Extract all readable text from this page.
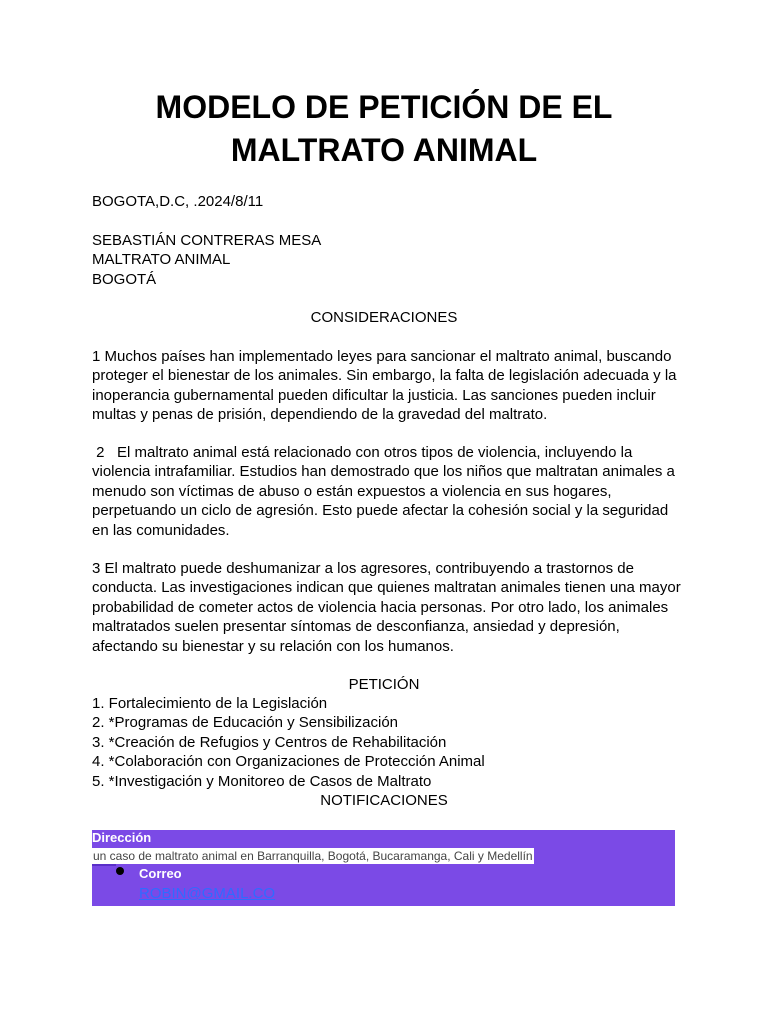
MODELO DE PETICIÓN DE EL MALTRATO ANIMAL
BOGOTA,D.C, .2024/8/11
SEBASTIÁN CONTRERAS MESA
MALTRATO ANIMAL
BOGOTÁ
CONSIDERACIONES

1 Muchos países han implementado leyes para sancionar el maltrato animal, buscando proteger el bienestar de los animales. Sin embargo, la falta de legislación adecuada y la inoperancia gubernamental pueden dificultar la justicia. Las sanciones pueden incluir multas y penas de prisión, dependiendo de la gravedad del maltrato.

2   El maltrato animal está relacionado con otros tipos de violencia, incluyendo la violencia intrafamiliar. Estudios han demostrado que los niños que maltratan animales a menudo son víctimas de abuso o están expuestos a violencia en sus hogares, perpetuando un ciclo de agresión. Esto puede afectar la cohesión social y la seguridad en las comunidades.

3 El maltrato puede deshumanizar a los agresores, contribuyendo a trastornos de conducta. Las investigaciones indican que quienes maltratan animales tienen una mayor probabilidad de cometer actos de violencia hacia personas. Por otro lado, los animales maltratados suelen presentar síntomas de desconfianza, ansiedad y depresión, afectando su bienestar y su relación con los humanos.

PETICIÓN
1. Fortalecimiento de la Legislación
2. *Programas de Educación y Sensibilización
3. *Creación de Refugios y Centros de Rehabilitación
4. *Colaboración con Organizaciones de Protección Animal
5. *Investigación y Monitoreo de Casos de Maltrato
NOTIFICACIONES
Dirección
un caso de maltrato animal en Barranquilla, Bogotá, Bucaramanga, Cali y Medellín
Correo
ROBIN@GMAIL.CO
